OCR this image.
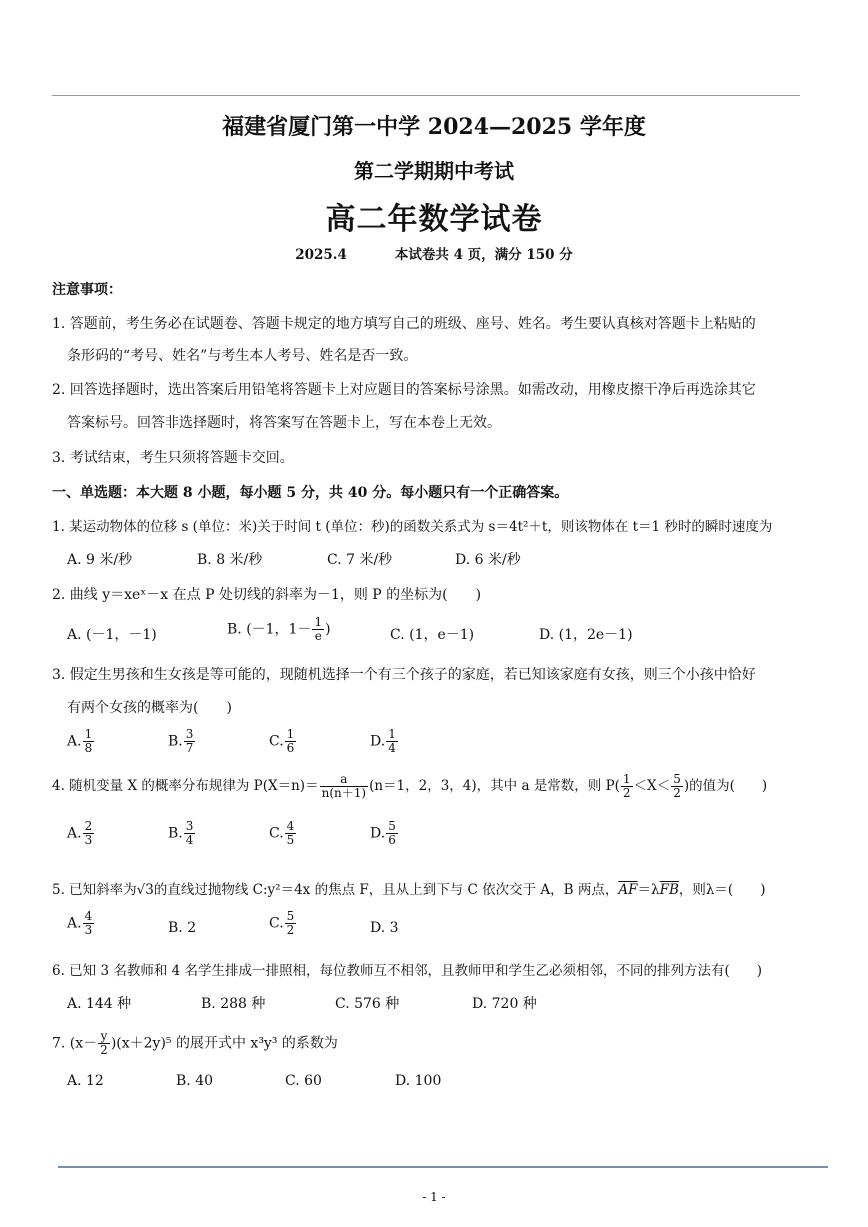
福建省厦门第一中学 2024—2025 学年度
第二学期期中考试
高二年数学试卷
2025.4	本试卷共 4 页，满分 150 分
注意事项：
1. 答题前，考生务必在试题卷、答题卡规定的地方填写自己的班级、座号、姓名。考生要认真核对答题卡上粘贴的
条形码的“考号、姓名”与考生本人考号、姓名是否一致。
2. 回答选择题时，选出答案后用铅笔将答题卡上对应题目的答案标号涂黑。如需改动，用橡皮擦干净后再选涂其它
答案标号。回答非选择题时，将答案写在答题卡上，写在本卷上无效。
3. 考试结束，考生只须将答题卡交回。
一、单选题：本大题 8 小题，每小题 5 分，共 40 分。每小题只有一个正确答案。
1. 某运动物体的位移 s (单位：米)关于时间 t (单位：秒)的函数关系式为 s＝4t²＋t，则该物体在 t＝1 秒时的瞬时速度为
A. 9 米/秒	B. 8 米/秒	C. 7 米/秒	D. 6 米/秒
2. 曲线 y＝xeˣ－x 在点 P 处切线的斜率为－1，则 P 的坐标为(　　)
A. (－1，－1)	B. (－1，$1- \frac{1}{e}$ )	C. (1，e－1)	D. (1，2e－1)
3. 假定生男孩和生女孩是等可能的，现随机选择一个有三个孩子的家庭，若已知该家庭有女孩，则三个小孩中恰好
有两个女孩的概率为(　　)
A. $\frac{1}{8}$	B. $\frac{3}{7}$	C. $\frac{1}{6}$	D. $\frac{1}{4}$
4. 随机变量 X 的概率分布规律为 $P(X=n)= \frac{a}{n(n+1)} (n=1$，2，3，4)，其中 a 是常数，则 $P( \frac{1}{2} <X< \frac{5}{2}$ )的值为(　　)
A. $\frac{2}{3}$	B. $\frac{3}{4}$	C. $\frac{4}{5}$	D. $\frac{5}{6}$
5. 已知斜率为√3的直线过抛物线 C:y²＝4x 的焦点 F，且从上到下与 C 依次交于 A，B 两点，$\overline{AF}=\lambda\overline{FB}$，则λ＝(　　)
A. $\frac{4}{3}$	B. 2	C. $\frac{5}{2}$	D. 3
6. 已知 3 名教师和 4 名学生排成一排照相，每位教师互不相邻，且教师甲和学生乙必须相邻，不同的排列方法有(　　)
A. 144 种	B. 288 种	C. 576 种	D. 720 种
7. $(x- \frac{y}{2} )(x+2y)^5$ 的展开式中 x³y³ 的系数为
A. 12	B. 40	C. 60	D. 100
- 1 -
